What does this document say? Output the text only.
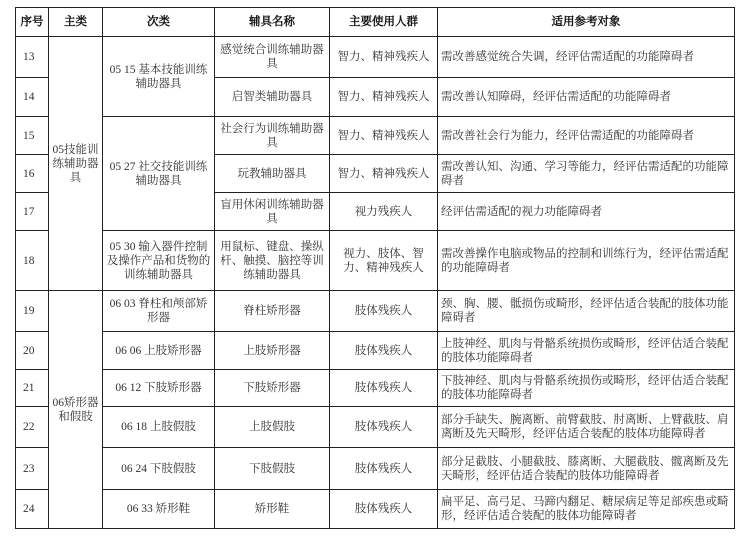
序号	主类	次类	辅具名称	主要使用人群	适用参考对象
13	05技能训练辅助器具	05 15 基本技能训练辅助器具	感觉统合训练辅助器具	智力、精神残疾人	需改善感觉统合失调，经评估需适配的功能障碍者
14			启智类辅助器具	智力、精神残疾人	需改善认知障碍，经评估需适配的功能障碍者
15		05 27 社交技能训练辅助器具	社会行为训练辅助器具	智力、精神残疾人	需改善社会行为能力，经评估需适配的功能障碍者
16			玩教辅助器具	智力、精神残疾人	需改善认知、沟通、学习等能力，经评估需适配的功能障碍者
17			盲用休闲训练辅助器具	视力残疾人	经评估需适配的视力功能障碍者
18		05 30 输入器件控制及操作产品和货物的训练辅助器具	用鼠标、键盘、操纵杆、触摸、脑控等训练辅助器具	视力、肢体、智力、精神残疾人	需改善操作电脑或物品的控制和训练行为，经评估需适配的功能障碍者
19	06矫形器和假肢	06 03 脊柱和颅部矫形器	脊柱矫形器	肢体残疾人	颈、胸、腰、骶损伤或畸形，经评估适合装配的肢体功能障碍者
20		06 06 上肢矫形器	上肢矫形器	肢体残疾人	上肢神经、肌肉与骨骼系统损伤或畸形，经评估适合装配的肢体功能障碍者
21		06 12 下肢矫形器	下肢矫形器	肢体残疾人	下肢神经、肌肉与骨骼系统损伤或畸形，经评估适合装配的肢体功能障碍者
22		06 18 上肢假肢	上肢假肢	肢体残疾人	部分手缺失、腕离断、前臂截肢、肘离断、上臂截肢、肩离断及先天畸形，经评估适合装配的肢体功能障碍者
23		06 24 下肢假肢	下肢假肢	肢体残疾人	部分足截肢、小腿截肢、膝离断、大腿截肢、髋离断及先天畸形，经评估适合装配的肢体功能障碍者
24		06 33 矫形鞋	矫形鞋	肢体残疾人	扁平足、高弓足、马蹄内翻足、糖尿病足等足部疾患或畸形，经评估适合装配的肢体功能障碍者
